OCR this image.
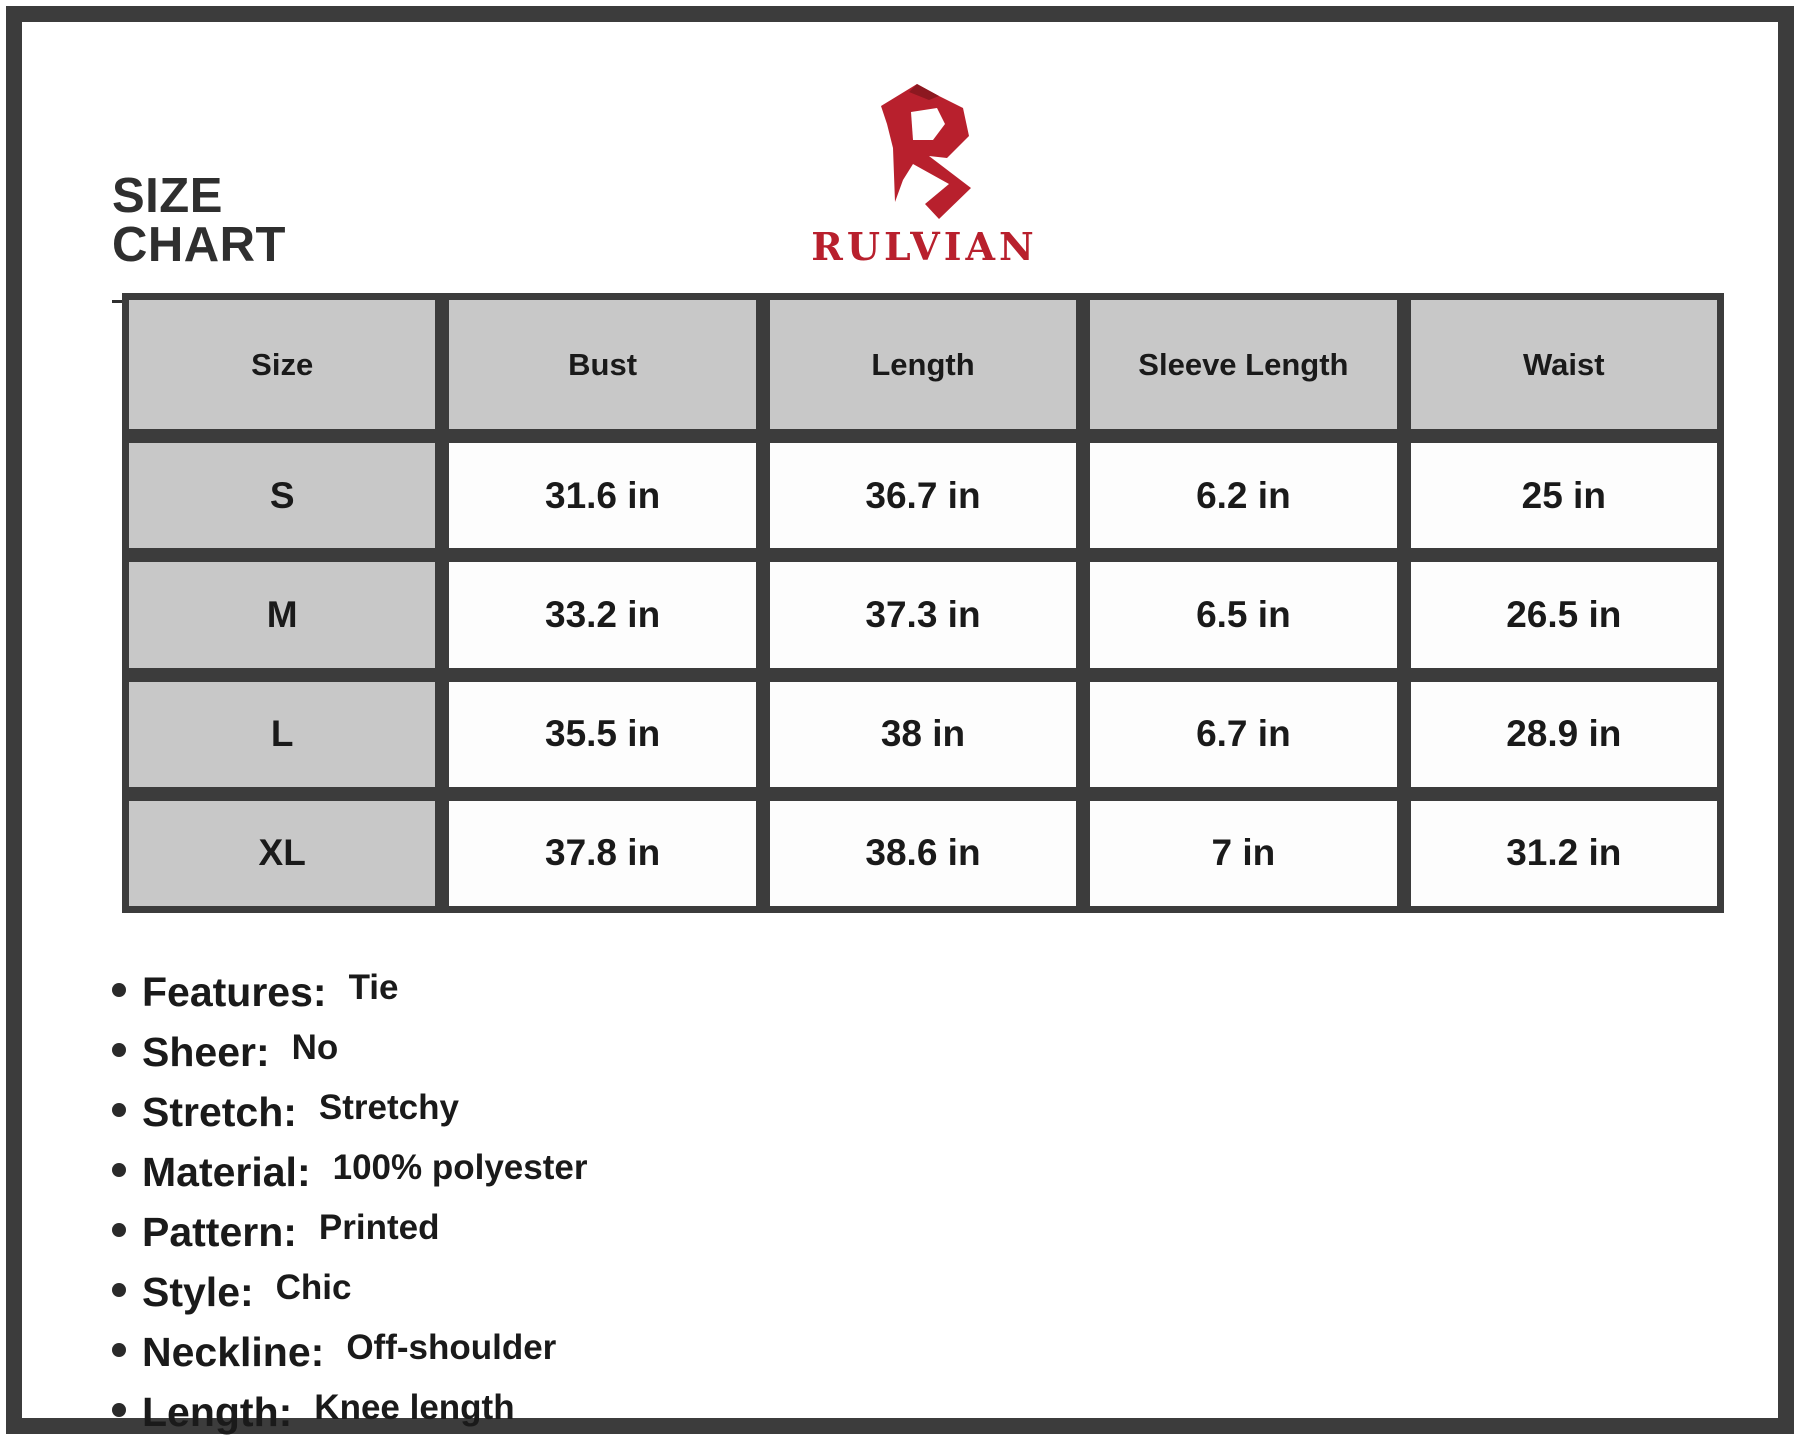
SIZE CHART	RULVIAN
Size	Bust	Length	Sleeve Length	Waist
S	31.6 in	36.7 in	6.2 in	25 in
M	33.2 in	37.3 in	6.5 in	26.5 in
L	35.5 in	38 in	6.7 in	28.9 in
XL	37.8 in	38.6 in	7 in	31.2 in
Features: Tie
Sheer: No
Stretch: Stretchy
Material: 100% polyester
Pattern: Printed
Style: Chic
Neckline: Off-shoulder
Length: Knee length
